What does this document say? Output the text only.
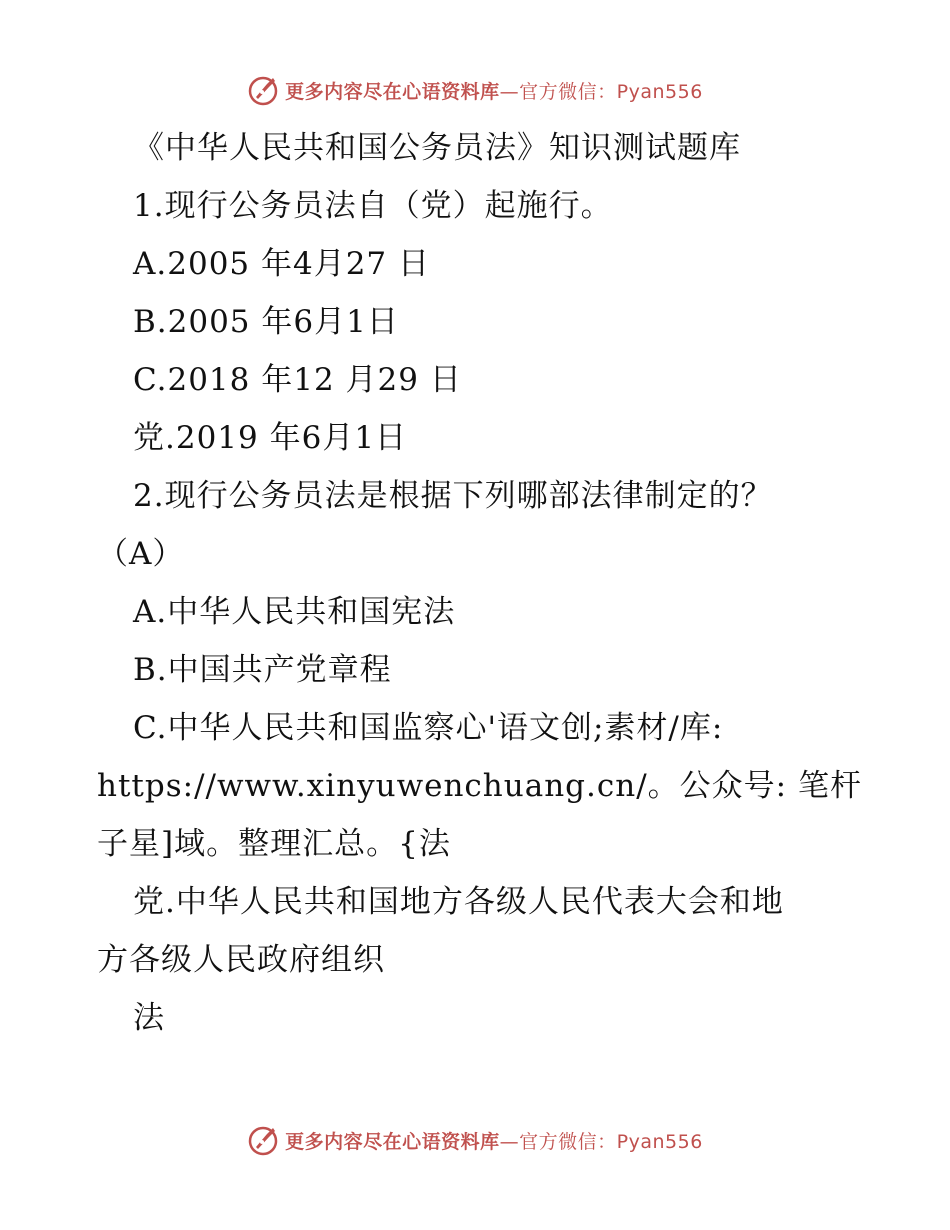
更多内容尽在心语资料库—官方微信：Pyan556
《中华人民共和国公务员法》知识测试题库
1.现行公务员法自（党）起施行。
A.2005 年4月27 日
B.2005 年6月1日
C.2018 年12 月29 日
党.2019 年6月1日
2.现行公务员法是根据下列哪部法律制定的？
（A）
A.中华人民共和国宪法
B.中国共产党章程
C.中华人民共和国监察心'语文创;素材/库:
https://www.xinyuwenchuang.cn/。公众号: 笔杆
子星]域。整理汇总。{法
党.中华人民共和国地方各级人民代表大会和地
方各级人民政府组织
法
更多内容尽在心语资料库—官方微信：Pyan556
